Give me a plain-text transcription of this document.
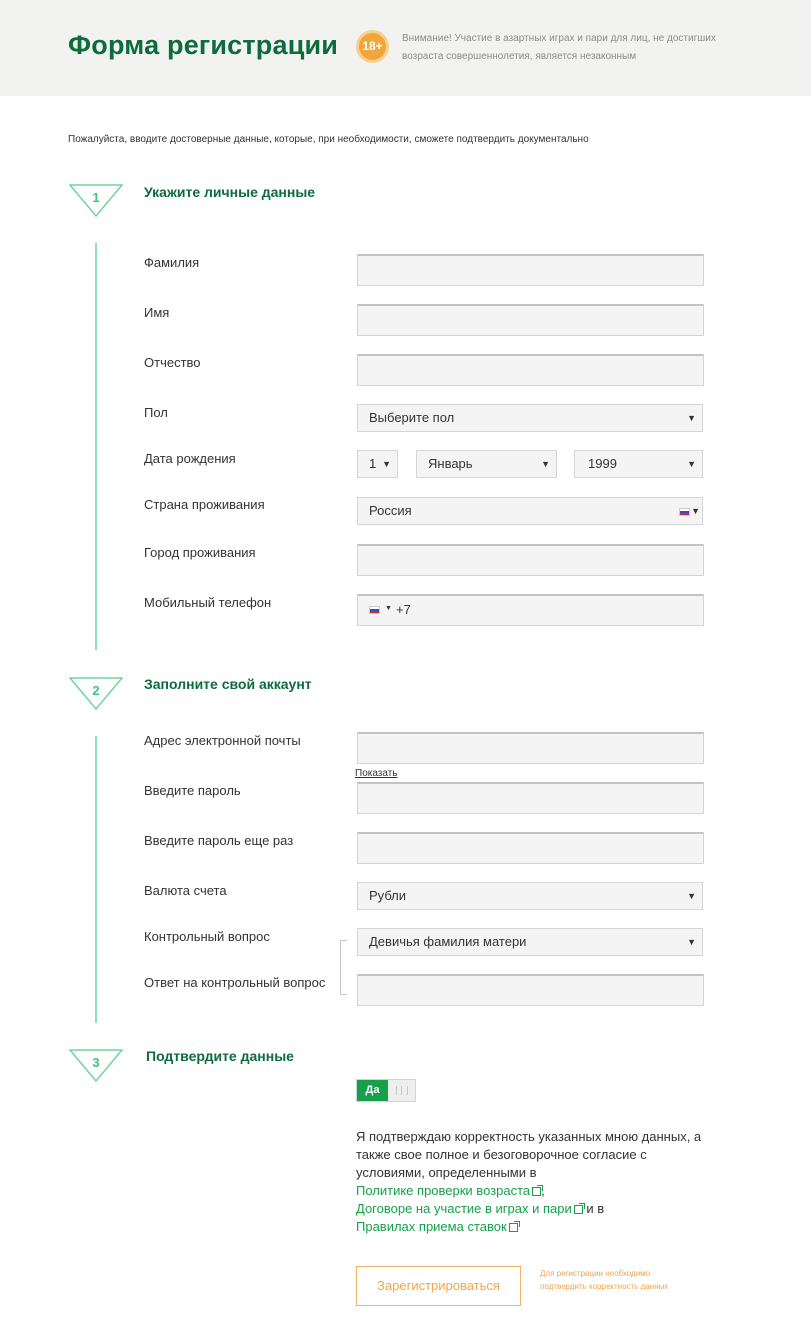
Форма регистрации	18+
Внимание! Участие в азартных играх и пари для лиц, не достигших возраста совершеннолетия, является незаконным
Пожалуйста, вводите достоверные данные, которые, при необходимости, сможете подтвердить документально
1	Укажите личные данные
Фамилия
Имя
Отчество
Пол	Выберите пол	▼
Дата рождения	1 ▼	Январь	▼	1999	▼
Страна проживания	Россия	▼
Город проживания
Мобильный телефон	▼ +7
2	Заполните свой аккаунт
Адрес электронной почты
Показать
Введите пароль
Введите пароль еще раз
Валюта счета	Рубли	▼
Контрольный вопрос	Девичья фамилия матери	▼
Ответ на контрольный вопрос
3	Подтвердите данные
Да
Я подтверждаю корректность указанных мною данных, а также свое полное и безоговорочное согласие с условиями, определенными в
Политике проверки возраста ,
Договоре на участие в играх и пари и в
Правилах приема ставок
Зарегистрироваться
Для регистрации необходимо подтвердить корректность данных
